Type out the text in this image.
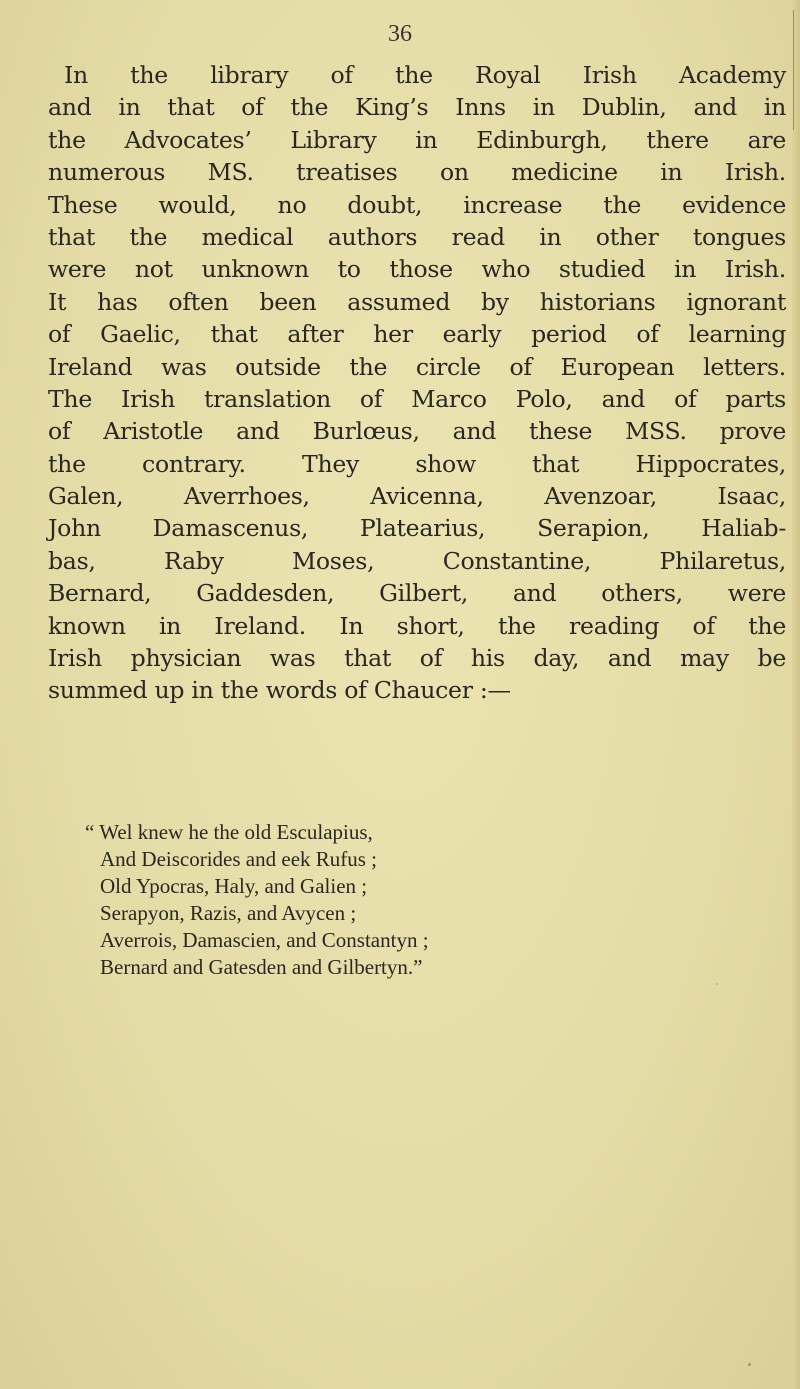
36
In the library of the Royal Irish Academy
and in that of the King’s Inns in Dublin, and in
the Advocates’ Library in Edinburgh, there are
numerous MS. treatises on medicine in Irish.
These would, no doubt, increase the evidence
that the medical authors read in other tongues
were not unknown to those who studied in Irish.
It has often been assumed by historians ignorant
of Gaelic, that after her early period of learning
Ireland was outside the circle of European letters.
The Irish translation of Marco Polo, and of parts
of Aristotle and Burlœus, and these MSS. prove
the contrary. They show that Hippocrates,
Galen, Averrhoes, Avicenna, Avenzoar, Isaac,
John Damascenus, Platearius, Serapion, Haliab-
bas, Raby Moses, Constantine, Philaretus,
Bernard, Gaddesden, Gilbert, and others, were
known in Ireland. In short, the reading of the
Irish physician was that of his day, and may be
summed up in the words of Chaucer :—
“ Wel knew he the old Esculapius,
And Deiscorides and eek Rufus ;
Old Ypocras, Haly, and Galien ;
Serapyon, Razis, and Avycen ;
Averrois, Damascien, and Constantyn ;
Bernard and Gatesden and Gilbertyn.”
